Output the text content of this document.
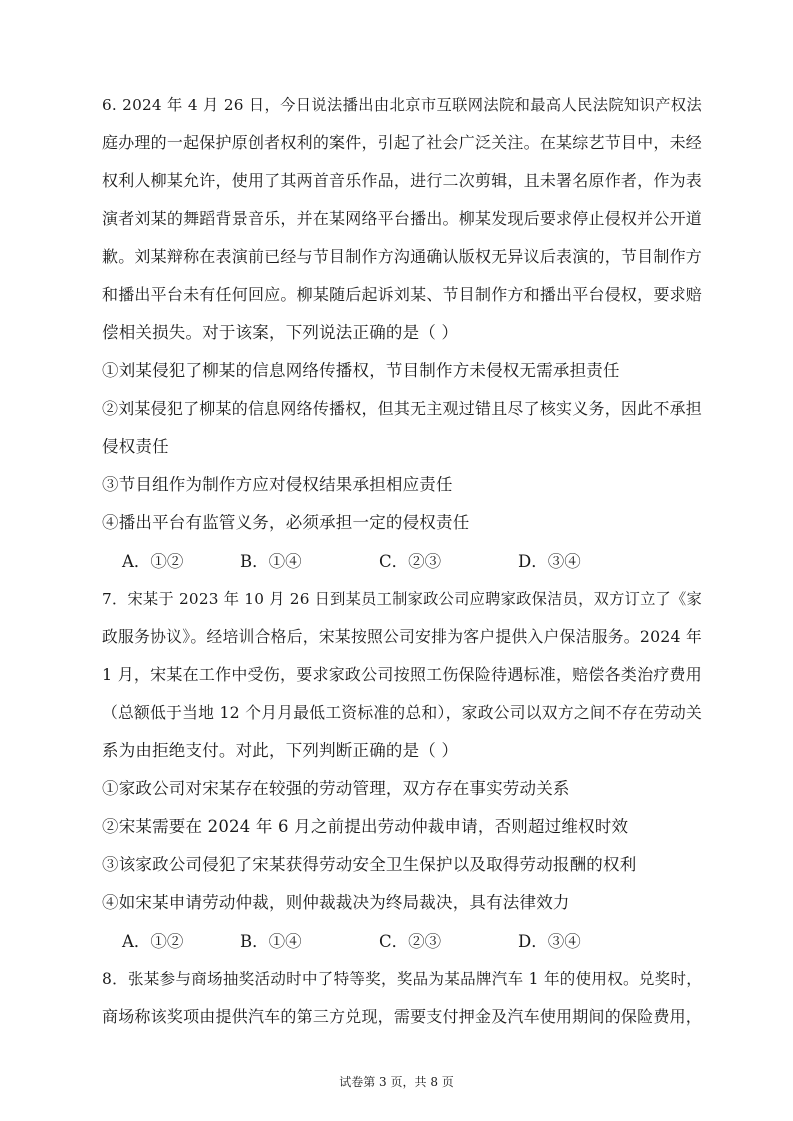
6. 2024 年 4 月 26 日，今日说法播出由北京市互联网法院和最高人民法院知识产权法
庭办理的一起保护原创者权利的案件，引起了社会广泛关注。在某综艺节目中，未经
权利人柳某允许，使用了其两首音乐作品，进行二次剪辑，且未署名原作者，作为表
演者刘某的舞蹈背景音乐，并在某网络平台播出。柳某发现后要求停止侵权并公开道
歉。刘某辩称在表演前已经与节目制作方沟通确认版权无异议后表演的，节目制作方
和播出平台未有任何回应。柳某随后起诉刘某、节目制作方和播出平台侵权，要求赔
偿相关损失。对于该案，下列说法正确的是（ ）
①刘某侵犯了柳某的信息网络传播权，节目制作方未侵权无需承担责任
②刘某侵犯了柳某的信息网络传播权，但其无主观过错且尽了核实义务，因此不承担
侵权责任
③节目组作为制作方应对侵权结果承担相应责任
④播出平台有监管义务，必须承担一定的侵权责任
A．①②	B．①④	C．②③	D．③④
7．宋某于 2023 年 10 月 26 日到某员工制家政公司应聘家政保洁员，双方订立了《家
政服务协议》。经培训合格后，宋某按照公司安排为客户提供入户保洁服务。2024 年
1 月，宋某在工作中受伤，要求家政公司按照工伤保险待遇标准，赔偿各类治疗费用
（总额低于当地 12 个月月最低工资标准的总和），家政公司以双方之间不存在劳动关
系为由拒绝支付。对此，下列判断正确的是（ ）
①家政公司对宋某存在较强的劳动管理，双方存在事实劳动关系
②宋某需要在 2024 年 6 月之前提出劳动仲裁申请，否则超过维权时效
③该家政公司侵犯了宋某获得劳动安全卫生保护以及取得劳动报酬的权利
④如宋某申请劳动仲裁，则仲裁裁决为终局裁决，具有法律效力
A．①②	B．①④	C．②③	D．③④
8．张某参与商场抽奖活动时中了特等奖，奖品为某品牌汽车 1 年的使用权。兑奖时，
商场称该奖项由提供汽车的第三方兑现，需要支付押金及汽车使用期间的保险费用，
试卷第 3 页，共 8 页
